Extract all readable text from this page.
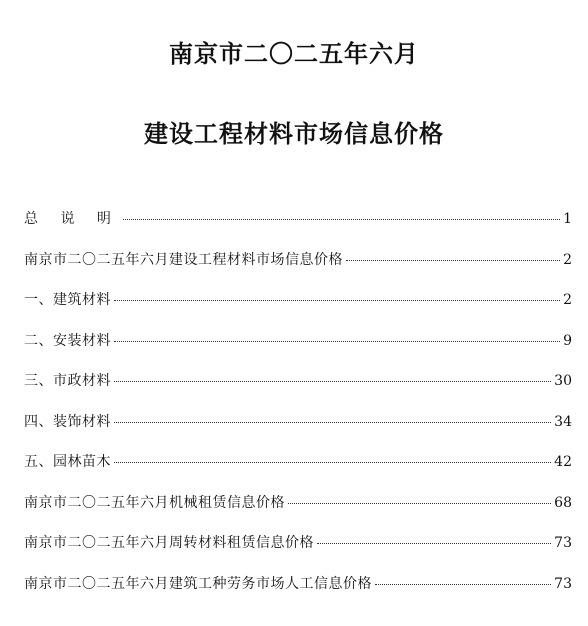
南京市二〇二五年六月
建设工程材料市场信息价格
总 说 明	1
南京市二〇二五年六月建设工程材料市场信息价格	2
一、建筑材料	2
二、安装材料	9
三、市政材料	30
四、装饰材料	34
五、园林苗木	42
南京市二〇二五年六月机械租赁信息价格	68
南京市二〇二五年六月周转材料租赁信息价格	73
南京市二〇二五年六月建筑工种劳务市场人工信息价格	73
